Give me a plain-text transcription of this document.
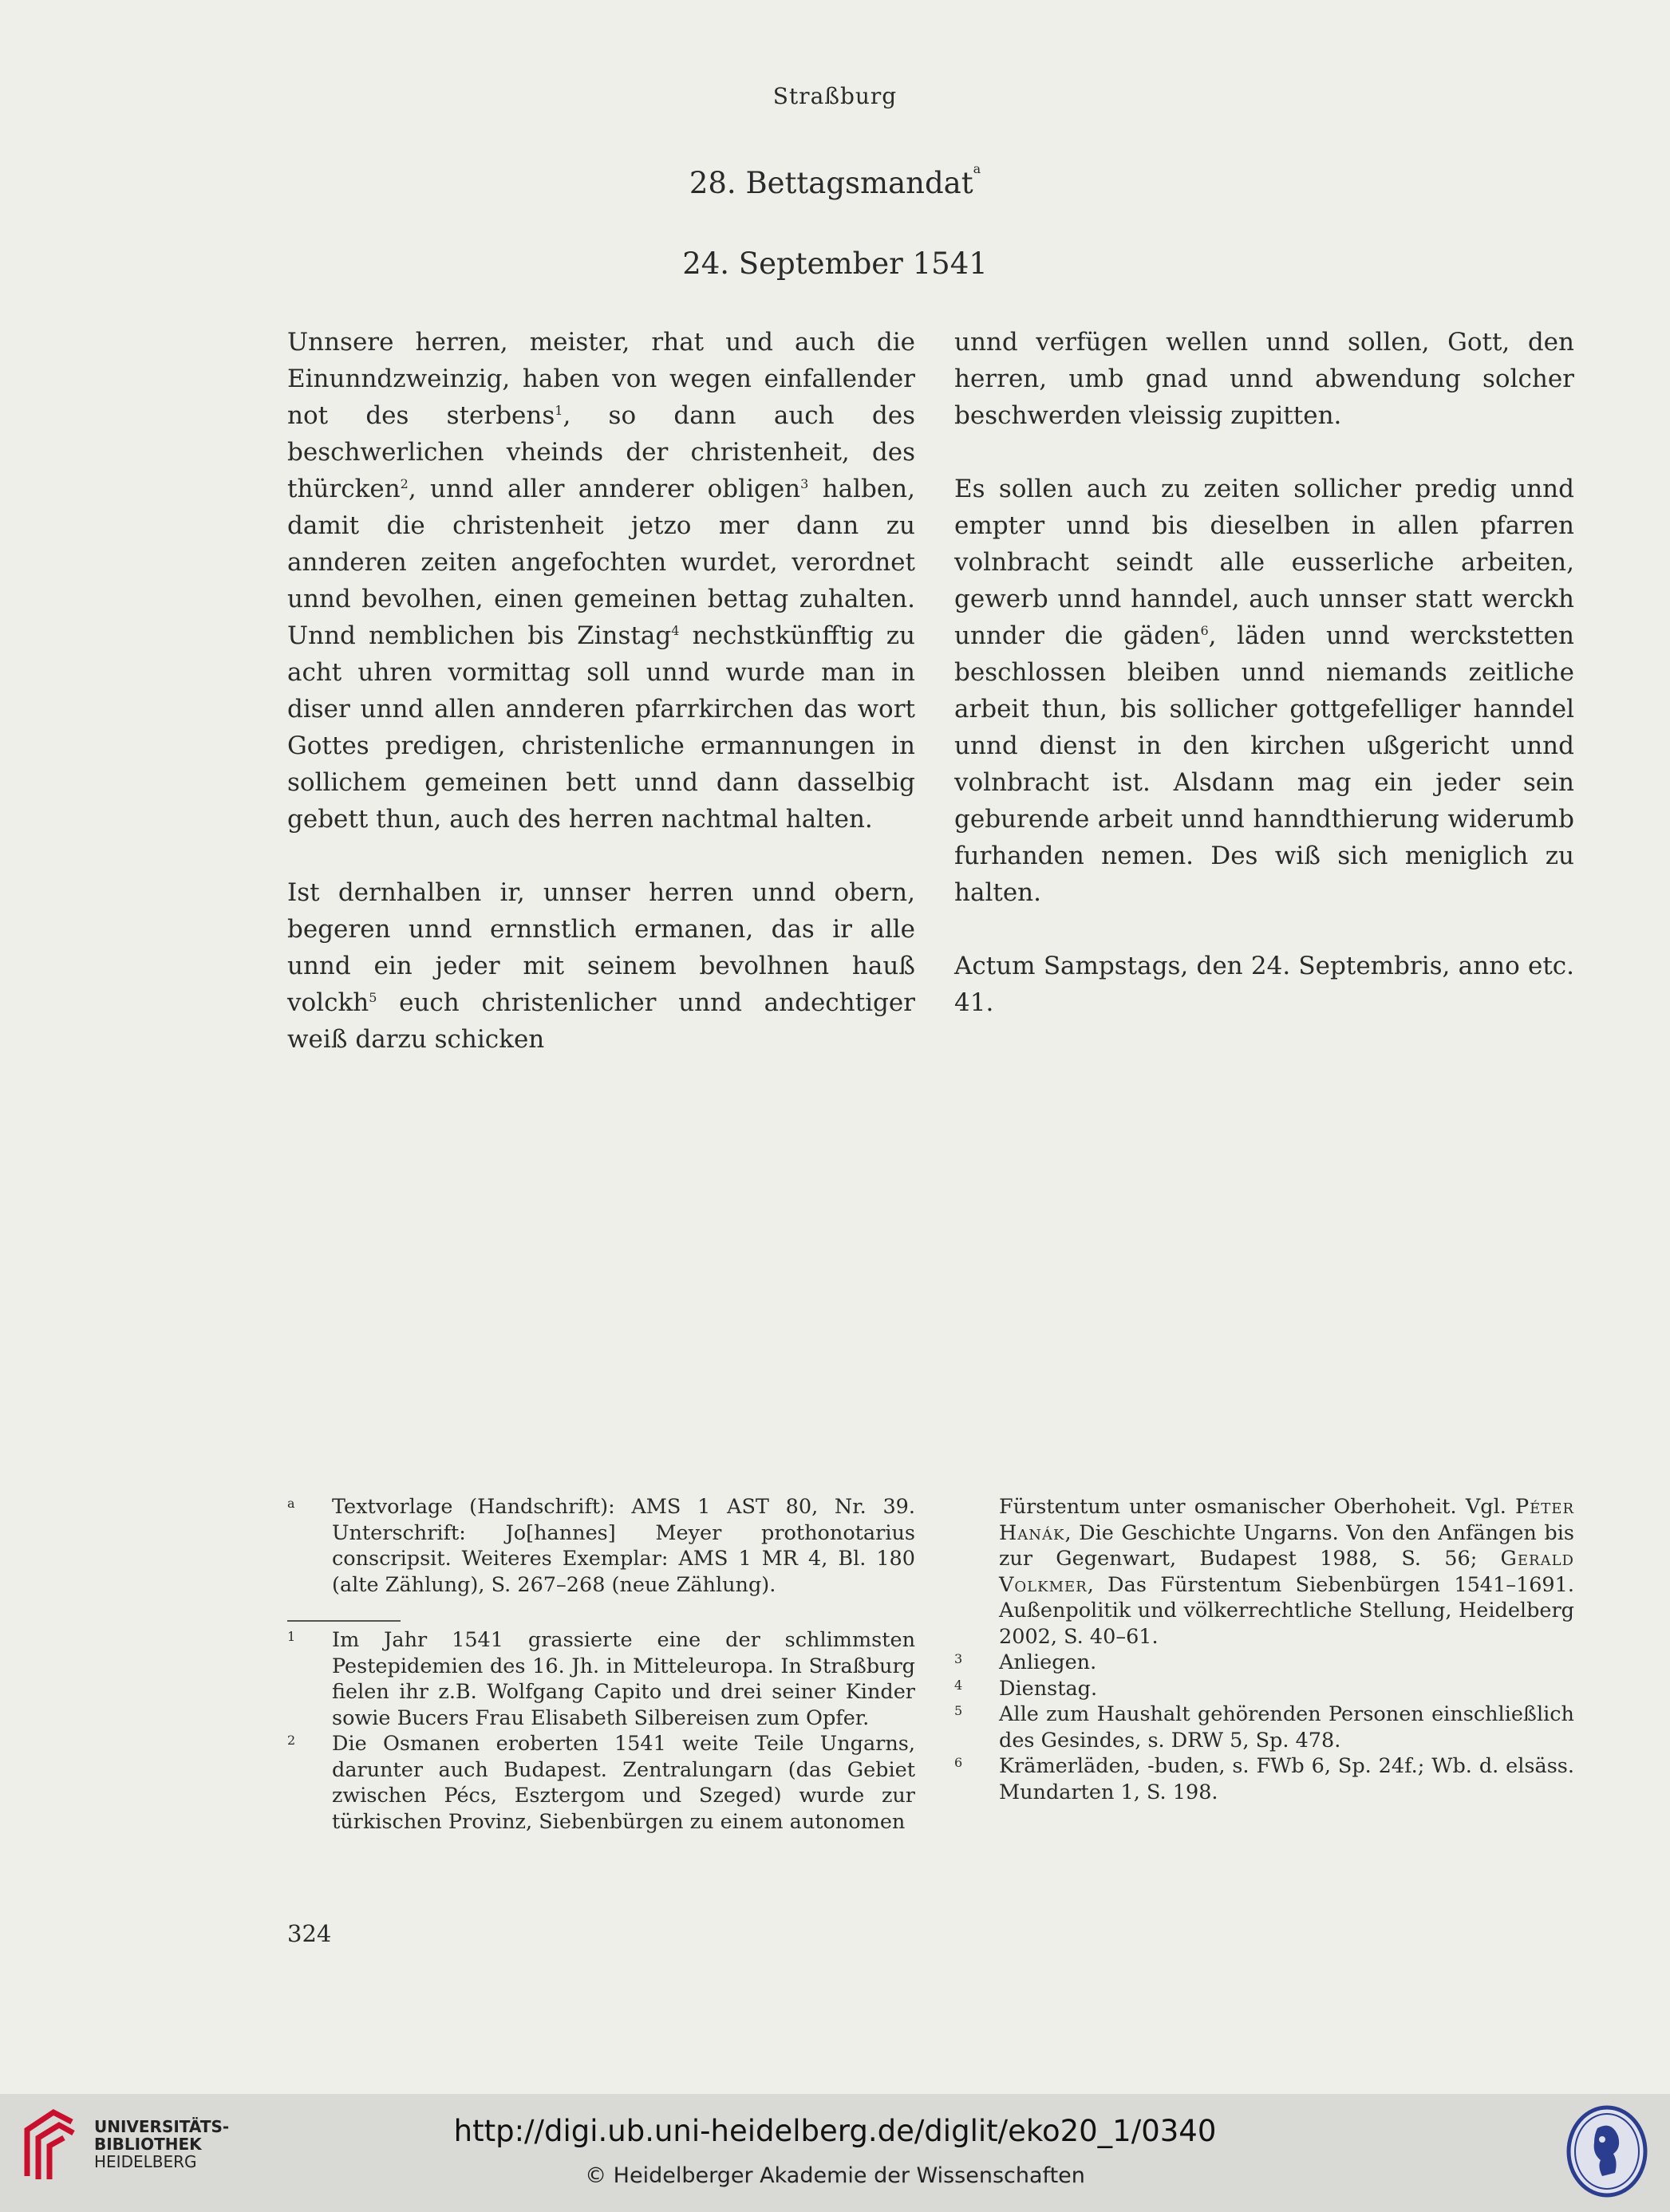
Straßburg
28. Bettagsmandat$^a$
24. September 1541

Unnsere herren, meister, rhat und auch die Einunndzweinzig, haben von wegen einfallender not des sterbens$^1$, so dann auch des beschwerlichen vheinds der christenheit, des thürcken$^2$, unnd aller annderer obligen$^3$ halben, damit die christenheit jetzo mer dann zu annderen zeiten angefochten wurdet, verordnet unnd bevolhen, einen gemeinen bettag zuhalten. Unnd nemblichen bis Zinstag$^4$ nechstkünfftig zu acht uhren vormittag soll unnd wurde man in diser unnd allen annderen pfarrkirchen das wort Gottes predigen, christenliche ermannungen in sollichem gemeinen bett unnd dann dasselbig gebett thun, auch des herren nachtmal halten.

Ist dernhalben ir, unnser herren unnd obern, begeren unnd ernnstlich ermanen, das ir alle unnd ein jeder mit seinem bevolhnen hauß volckh$^5$ euch christenlicher unnd andechtiger weiß darzu schicken

unnd verfügen wellen unnd sollen, Gott, den herren, umb gnad unnd abwendung solcher beschwerden vleissig zupitten.

Es sollen auch zu zeiten sollicher predig unnd empter unnd bis dieselben in allen pfarren volnbracht seindt alle eusserliche arbeiten, gewerb unnd hanndel, auch unnser statt werckh unnder die gäden$^6$, läden unnd werckstetten beschlossen bleiben unnd niemands zeitliche arbeit thun, bis sollicher gottgefelliger hanndel unnd dienst in den kirchen ußgericht unnd volnbracht ist. Alsdann mag ein jeder sein geburende arbeit unnd hanndthierung widerumb furhanden nemen. Des wiß sich meniglich zu halten.

Actum Sampstags, den 24. Septembris, anno etc. 41.

a	Textvorlage (Handschrift): AMS 1 AST 80, Nr. 39. Unterschrift: Jo[hannes] Meyer prothonotarius conscripsit. Weiteres Exemplar: AMS 1 MR 4, Bl. 180 (alte Zählung), S. 267–268 (neue Zählung).
1	Im Jahr 1541 grassierte eine der schlimmsten Pestepidemien des 16. Jh. in Mitteleuropa. In Straßburg fielen ihr z.B. Wolfgang Capito und drei seiner Kinder sowie Bucers Frau Elisabeth Silbereisen zum Opfer.
2	Die Osmanen eroberten 1541 weite Teile Ungarns, darunter auch Budapest. Zentralungarn (das Gebiet zwischen Pécs, Esztergom und Szeged) wurde zur türkischen Provinz, Siebenbürgen zu einem autonomen
Fürstentum unter osmanischer Oberhoheit. Vgl. Péter Hanák, Die Geschichte Ungarns. Von den Anfängen bis zur Gegenwart, Budapest 1988, S. 56; Gerald Volkmer, Das Fürstentum Siebenbürgen 1541–1691. Außenpolitik und völkerrechtliche Stellung, Heidelberg 2002, S. 40–61.
3	Anliegen.
4	Dienstag.
5	Alle zum Haushalt gehörenden Personen einschließlich des Gesindes, s. DRW 5, Sp. 478.
6	Krämerläden, -buden, s. FWb 6, Sp. 24f.; Wb. d. elsäss. Mundarten 1, S. 198.
324
UNIVERSITÄTS-
BIBLIOTHEK
HEIDELBERG
http://digi.ub.uni-heidelberg.de/diglit/eko20_1/0340
© Heidelberger Akademie der Wissenschaften
